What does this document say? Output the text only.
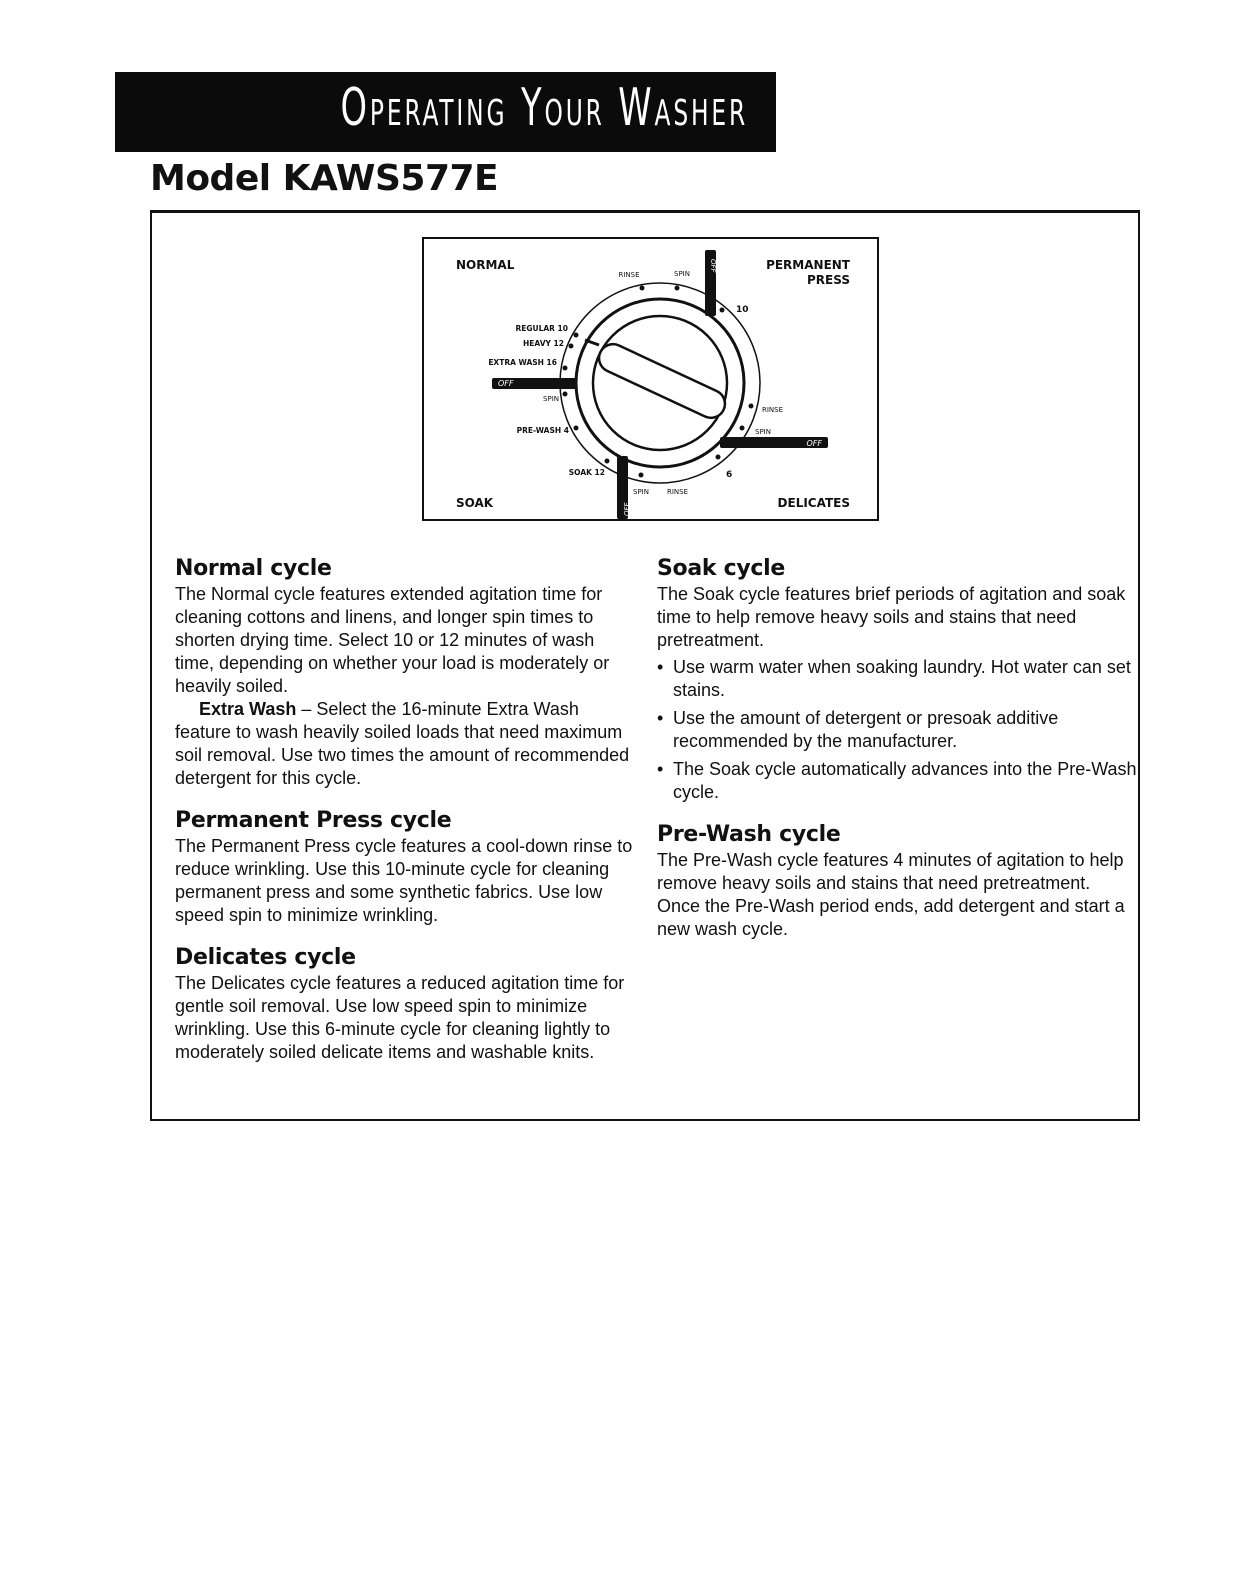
Operating Your Washer
Model KAWS577E
OFF
OFF
OFF
OFF
NORMAL	PERMANENT
PRESS
SOAK	DELICATES
RINSE	SPIN
10
REGULAR 10
HEAVY 12
EXTRA WASH 16
SPIN
PRE-WASH 4
SOAK 12
SPIN	RINSE
6
RINSE
SPIN
Normal cycle

The Normal cycle features extended agitation time for cleaning cottons and linens, and longer spin times to shorten drying time. Select 10 or 12 minutes of wash time, depending on whether your load is moderately or heavily soiled.

Extra Wash – Select the 16-minute Extra Wash feature to wash heavily soiled loads that need maximum soil removal. Use two times the amount of recommended detergent for this cycle.

Permanent Press cycle

The Permanent Press cycle features a cool-down rinse to reduce wrinkling. Use this 10-minute cycle for cleaning permanent press and some synthetic fabrics. Use low speed spin to minimize wrinkling.

Delicates cycle

The Delicates cycle features a reduced agitation time for gentle soil removal. Use low speed spin to minimize wrinkling. Use this 6-minute cycle for cleaning lightly to moderately soiled delicate items and washable knits.

Soak cycle

The Soak cycle features brief periods of agitation and soak time to help remove heavy soils and stains that need pretreatment.

• Use warm water when soaking laundry. Hot water can set stains.
• Use the amount of detergent or presoak additive recommended by the manufacturer.
• The Soak cycle automatically advances into the Pre-Wash cycle.
Pre-Wash cycle

The Pre-Wash cycle features 4 minutes of agitation to help remove heavy soils and stains that need pretreatment. Once the Pre-Wash period ends, add detergent and start a new wash cycle.
